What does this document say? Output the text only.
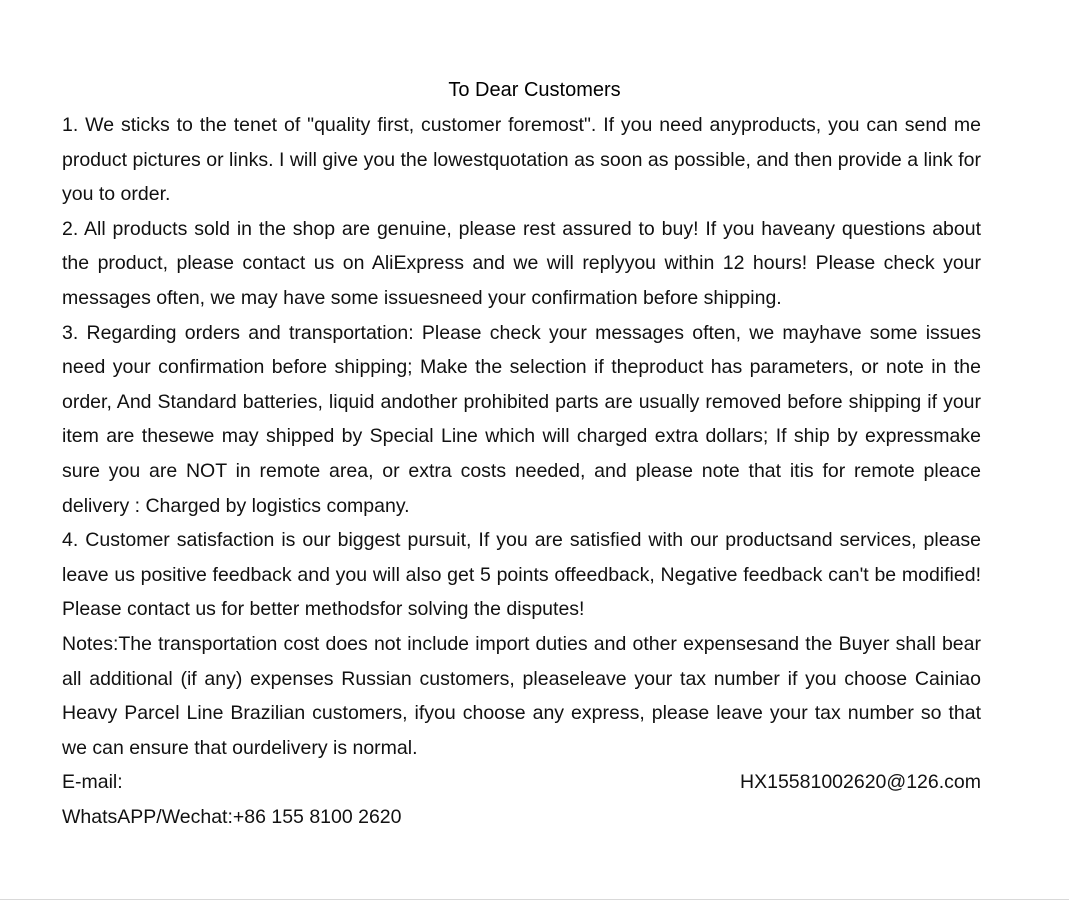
To Dear Customers

1. We sticks to the tenet of "quality first, customer foremost". If you need anyproducts, you can send me product pictures or links. I will give you the lowestquotation as soon as possible, and then provide a link for you to order.

2. All products sold in the shop are genuine, please rest assured to buy! If you haveany questions about the product, please contact us on AliExpress and we will replyyou within 12 hours! Please check your messages often, we may have some issuesneed your confirmation before shipping.

3. Regarding orders and transportation: Please check your messages often, we mayhave some issues need your confirmation before shipping; Make the selection if theproduct has parameters, or note in the order, And Standard batteries, liquid andother prohibited parts are usually removed before shipping if your item are thesewe may shipped by Special Line which will charged extra dollars; If ship by expressmake sure you are NOT in remote area, or extra costs needed, and please note that itis for remote pleace delivery : Charged by logistics company.

4. Customer satisfaction is our biggest pursuit, If you are satisfied with our productsand services, please leave us positive feedback and you will also get 5 points offeedback, Negative feedback can't be modified! Please contact us for better methodsfor solving the disputes!

Notes:The transportation cost does not include import duties and other expensesand the Buyer shall bear all additional (if any) expenses Russian customers, pleaseleave your tax number if you choose Cainiao Heavy Parcel Line Brazilian customers, ifyou choose any express, please leave your tax number so that we can ensure that ourdelivery is normal.

E-mail:	HX15581002620@126.com
WhatsAPP/Wechat:+86 155 8100 2620
